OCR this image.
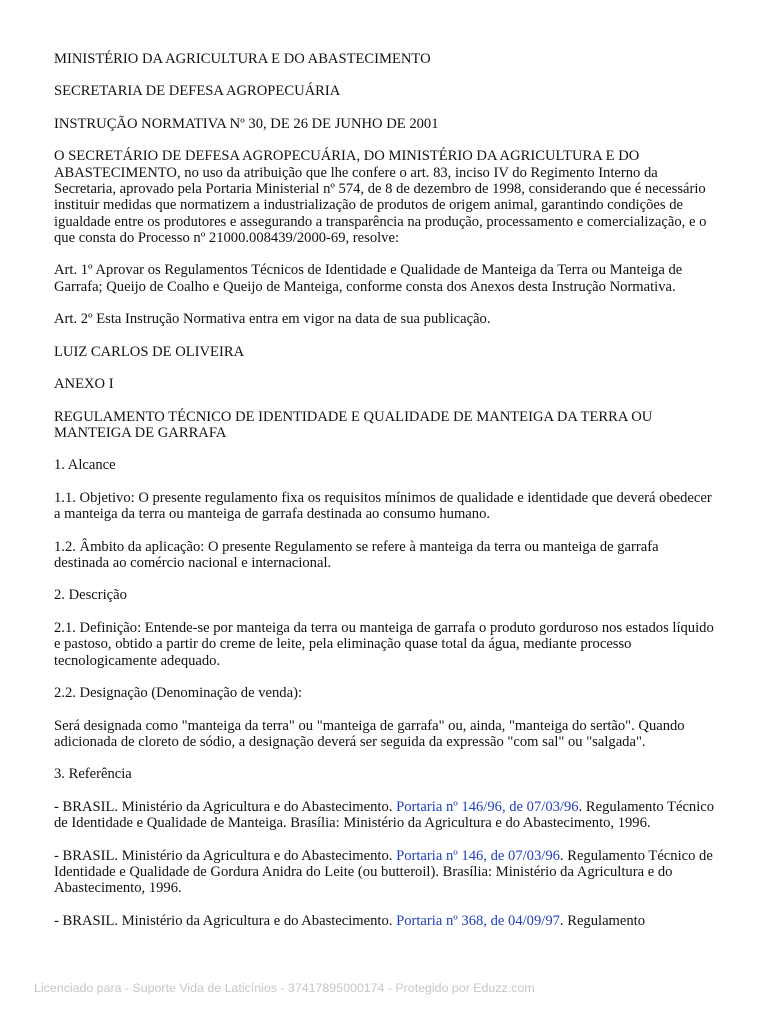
MINISTÉRIO DA AGRICULTURA E DO ABASTECIMENTO

SECRETARIA DE DEFESA AGROPECUÁRIA

INSTRUÇÃO NORMATIVA Nº 30, DE 26 DE JUNHO DE 2001

O SECRETÁRIO DE DEFESA AGROPECUÁRIA, DO MINISTÉRIO DA AGRICULTURA E DO ABASTECIMENTO, no uso da atribuição que lhe confere o art. 83, inciso IV do Regimento Interno da Secretaria, aprovado pela Portaria Ministerial nº 574, de 8 de dezembro de 1998, considerando que é necessário instituir medidas que normatizem a industrialização de produtos de origem animal, garantindo condições de igualdade entre os produtores e assegurando a transparência na produção, processamento e comercialização, e o que consta do Processo nº 21000.008439/2000-69, resolve:

Art. 1º Aprovar os Regulamentos Técnicos de Identidade e Qualidade de Manteiga da Terra ou Manteiga de Garrafa; Queijo de Coalho e Queijo de Manteiga, conforme consta dos Anexos desta Instrução Normativa.

Art. 2º Esta Instrução Normativa entra em vigor na data de sua publicação.

LUIZ CARLOS DE OLIVEIRA

ANEXO I

REGULAMENTO TÉCNICO DE IDENTIDADE E QUALIDADE DE MANTEIGA DA TERRA OU MANTEIGA DE GARRAFA

1. Alcance

1.1. Objetivo: O presente regulamento fixa os requisitos mínimos de qualidade e identidade que deverá obedecer a manteiga da terra ou manteiga de garrafa destinada ao consumo humano.

1.2. Âmbito da aplicação: O presente Regulamento se refere à manteiga da terra ou manteiga de garrafa destinada ao comércio nacional e internacional.

2. Descrição

2.1. Definição: Entende-se por manteiga da terra ou manteiga de garrafa o produto gorduroso nos estados líquido e pastoso, obtido a partir do creme de leite, pela eliminação quase total da água, mediante processo tecnologicamente adequado.

2.2. Designação (Denominação de venda):

Será designada como "manteiga da terra" ou "manteiga de garrafa" ou, ainda, "manteiga do sertão". Quando adicionada de cloreto de sódio, a designação deverá ser seguida da expressão "com sal" ou "salgada".

3. Referência

- BRASIL. Ministério da Agricultura e do Abastecimento. Portaria nº 146/96, de 07/03/96. Regulamento Técnico de Identidade e Qualidade de Manteiga. Brasília: Ministério da Agricultura e do Abastecimento, 1996.

- BRASIL. Ministério da Agricultura e do Abastecimento. Portaria nº 146, de 07/03/96. Regulamento Técnico de Identidade e Qualidade de Gordura Anidra do Leite (ou butteroil). Brasília: Ministério da Agricultura e do Abastecimento, 1996.

- BRASIL. Ministério da Agricultura e do Abastecimento. Portaria nº 368, de 04/09/97. Regulamento

Licenciado para - Suporte Vida de Laticínios - 37417895000174 - Protegido por Eduzz.com
